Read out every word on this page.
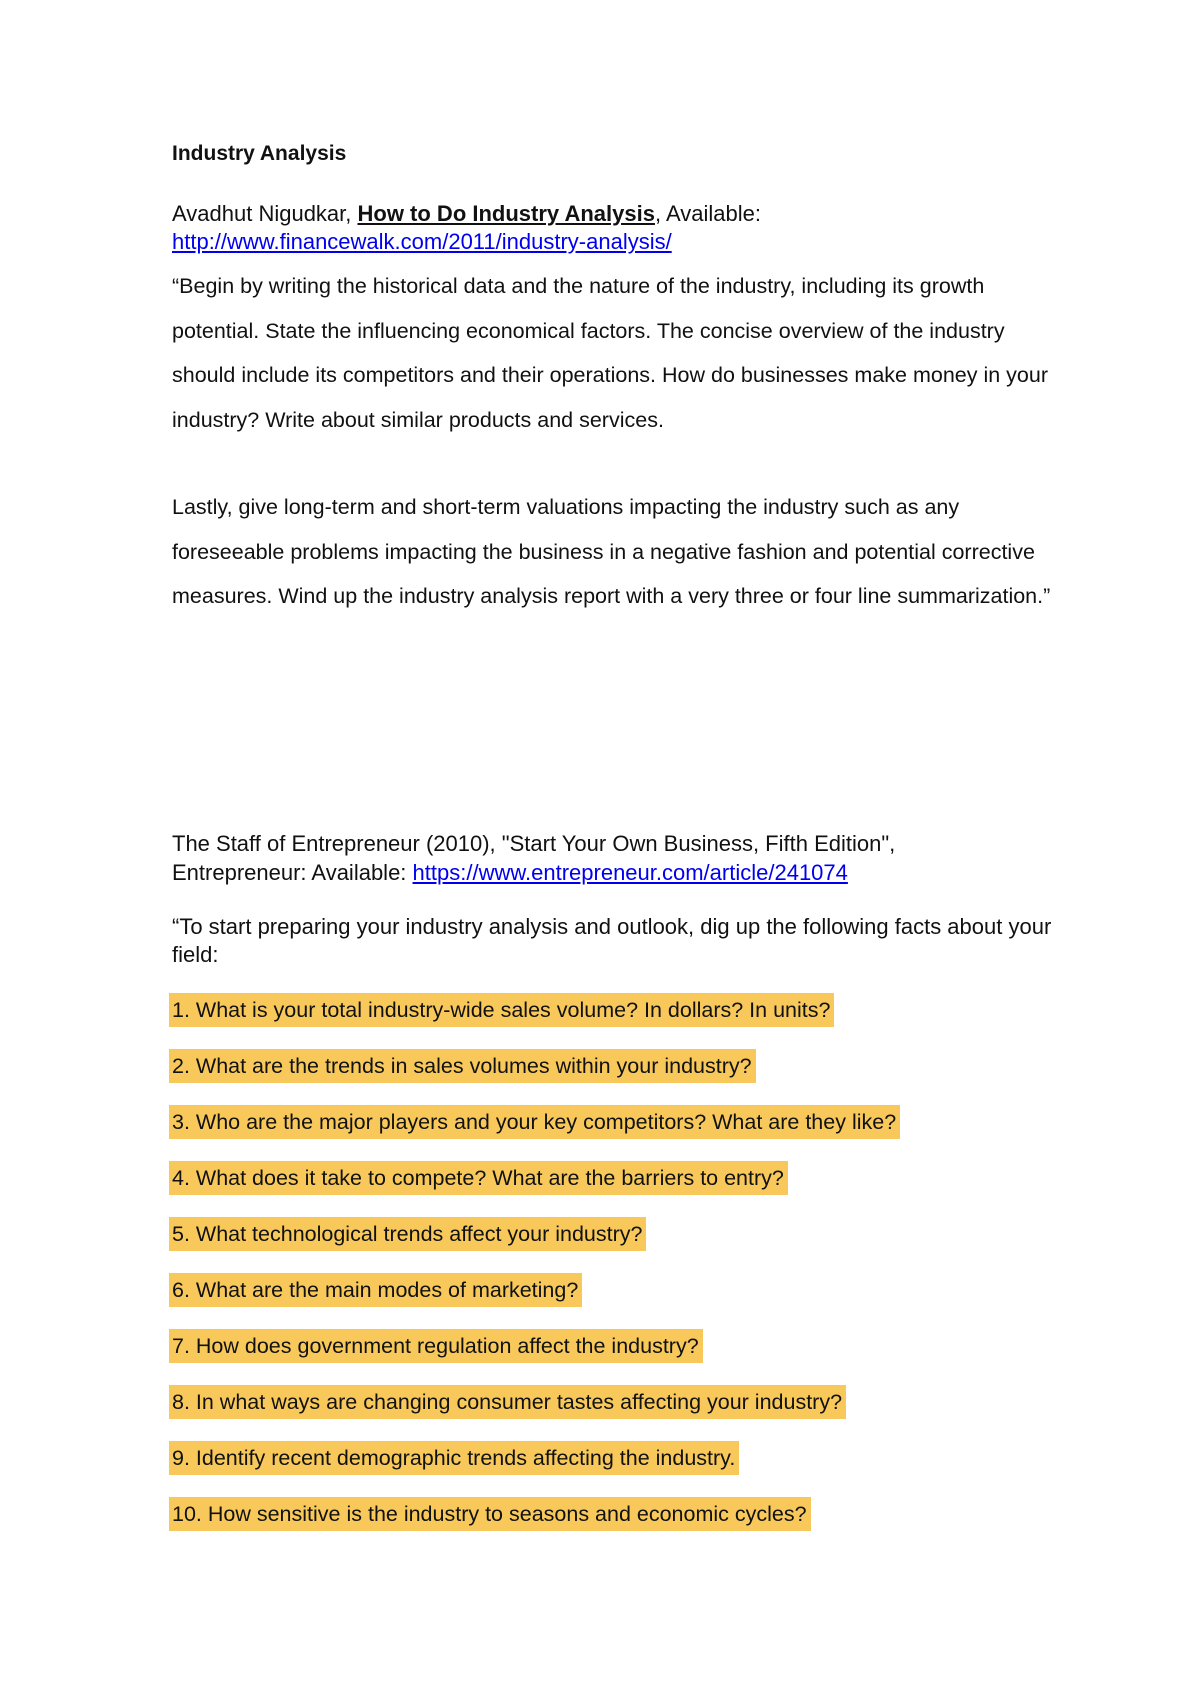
Industry Analysis
Avadhut Nigudkar, How to Do Industry Analysis, Available:
http://www.financewalk.com/2011/industry-analysis/

“Begin by writing the historical data and the nature of the industry, including its growth potential. State the influencing economical factors. The concise overview of the industry should include its competitors and their operations. How do businesses make money in your industry? Write about similar products and services.

Lastly, give long-term and short-term valuations impacting the industry such as any foreseeable problems impacting the business in a negative fashion and potential corrective measures. Wind up the industry analysis report with a very three or four line summarization.”

The Staff of Entrepreneur (2010), "Start Your Own Business, Fifth Edition",
Entrepreneur: Available: https://www.entrepreneur.com/article/241074

“To start preparing your industry analysis and outlook, dig up the following facts about your field:

1. What is your total industry-wide sales volume? In dollars? In units?
2. What are the trends in sales volumes within your industry?
3. Who are the major players and your key competitors? What are they like?
4. What does it take to compete? What are the barriers to entry?
5. What technological trends affect your industry?
6. What are the main modes of marketing?
7. How does government regulation affect the industry?
8. In what ways are changing consumer tastes affecting your industry?
9. Identify recent demographic trends affecting the industry.
10. How sensitive is the industry to seasons and economic cycles?
